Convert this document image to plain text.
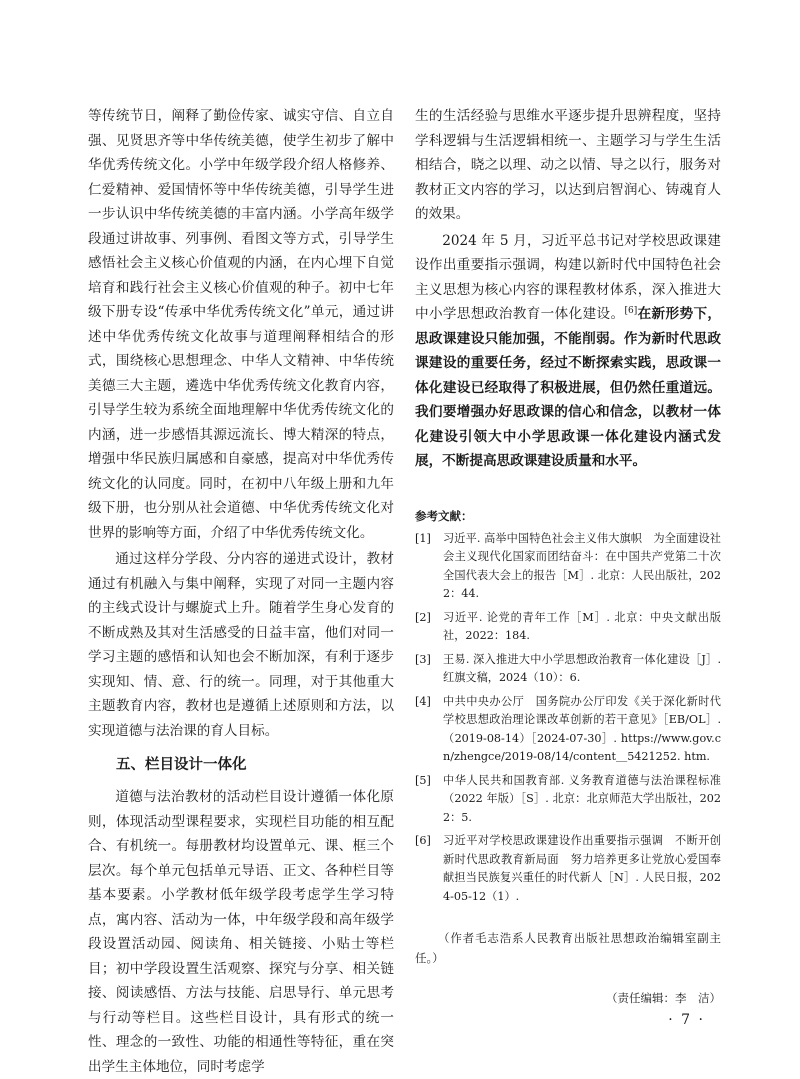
等传统节日，阐释了勤俭传家、诚实守信、自立自强、见贤思齐等中华传统美德，使学生初步了解中华优秀传统文化。小学中年级学段介绍人格修养、仁爱精神、爱国情怀等中华传统美德，引导学生进一步认识中华传统美德的丰富内涵。小学高年级学段通过讲故事、列事例、看图文等方式，引导学生感悟社会主义核心价值观的内涵，在内心埋下自觉培育和践行社会主义核心价值观的种子。初中七年级下册专设“传承中华优秀传统文化”单元，通过讲述中华优秀传统文化故事与道理阐释相结合的形式，围绕核心思想理念、中华人文精神、中华传统美德三大主题，遴选中华优秀传统文化教育内容，引导学生较为系统全面地理解中华优秀传统文化的内涵，进一步感悟其源远流长、博大精深的特点，增强中华民族归属感和自豪感，提高对中华优秀传统文化的认同度。同时，在初中八年级上册和九年级下册，也分别从社会道德、中华优秀传统文化对世界的影响等方面，介绍了中华优秀传统文化。

通过这样分学段、分内容的递进式设计，教材通过有机融入与集中阐释，实现了对同一主题内容的主线式设计与螺旋式上升。随着学生身心发育的不断成熟及其对生活感受的日益丰富，他们对同一学习主题的感悟和认知也会不断加深，有利于逐步实现知、情、意、行的统一。同理，对于其他重大主题教育内容，教材也是遵循上述原则和方法，以实现道德与法治课的育人目标。

五、栏目设计一体化

道德与法治教材的活动栏目设计遵循一体化原则，体现活动型课程要求，实现栏目功能的相互配合、有机统一。每册教材均设置单元、课、框三个层次。每个单元包括单元导语、正文、各种栏目等基本要素。小学教材低年级学段考虑学生学习特点，寓内容、活动为一体，中年级学段和高年级学段设置活动园、阅读角、相关链接、小贴士等栏目；初中学段设置生活观察、探究与分享、相关链接、阅读感悟、方法与技能、启思导行、单元思考与行动等栏目。这些栏目设计，具有形式的统一性、理念的一致性、功能的相通性等特征，重在突出学生主体地位，同时考虑学

生的生活经验与思维水平逐步提升思辨程度，坚持学科逻辑与生活逻辑相统一、主题学习与学生生活相结合，晓之以理、动之以情、导之以行，服务对教材正文内容的学习，以达到启智润心、铸魂育人的效果。

2024 年 5 月，习近平总书记对学校思政课建设作出重要指示强调，构建以新时代中国特色社会主义思想为核心内容的课程教材体系，深入推进大中小学思想政治教育一体化建设。[6]在新形势下，思政课建设只能加强，不能削弱。作为新时代思政课建设的重要任务，经过不断探索实践，思政课一体化建设已经取得了积极进展，但仍然任重道远。我们要增强办好思政课的信心和信念，以教材一体化建设引领大中小学思政课一体化建设内涵式发展，不断提高思政课建设质量和水平。

参考文献：
[1] 习近平. 高举中国特色社会主义伟大旗帜　为全面建设社会主义现代化国家而团结奋斗：在中国共产党第二十次全国代表大会上的报告［M］. 北京：人民出版社，2022：44.
[2] 习近平. 论党的青年工作［M］. 北京：中央文献出版社，2022：184.
[3] 王易. 深入推进大中小学思想政治教育一体化建设［J］. 红旗文稿，2024（10）：6.
[4] 中共中央办公厅　国务院办公厅印发《关于深化新时代学校思想政治理论课改革创新的若干意见》［EB/OL］.（2019-08-14）［2024-07-30］. https://www.gov.cn/zhengce/2019-08/14/content＿5421252. htm.
[5] 中华人民共和国教育部. 义务教育道德与法治课程标准（2022 年版）［S］. 北京：北京师范大学出版社，2022：5.
[6] 习近平对学校思政课建设作出重要指示强调　不断开创新时代思政教育新局面　努力培养更多让党放心爱国奉献担当民族复兴重任的时代新人［N］. 人民日报，2024-05-12（1）.

（作者毛志浩系人民教育出版社思想政治编辑室副主任。）

（责任编辑：李　洁）
· 7 ·
